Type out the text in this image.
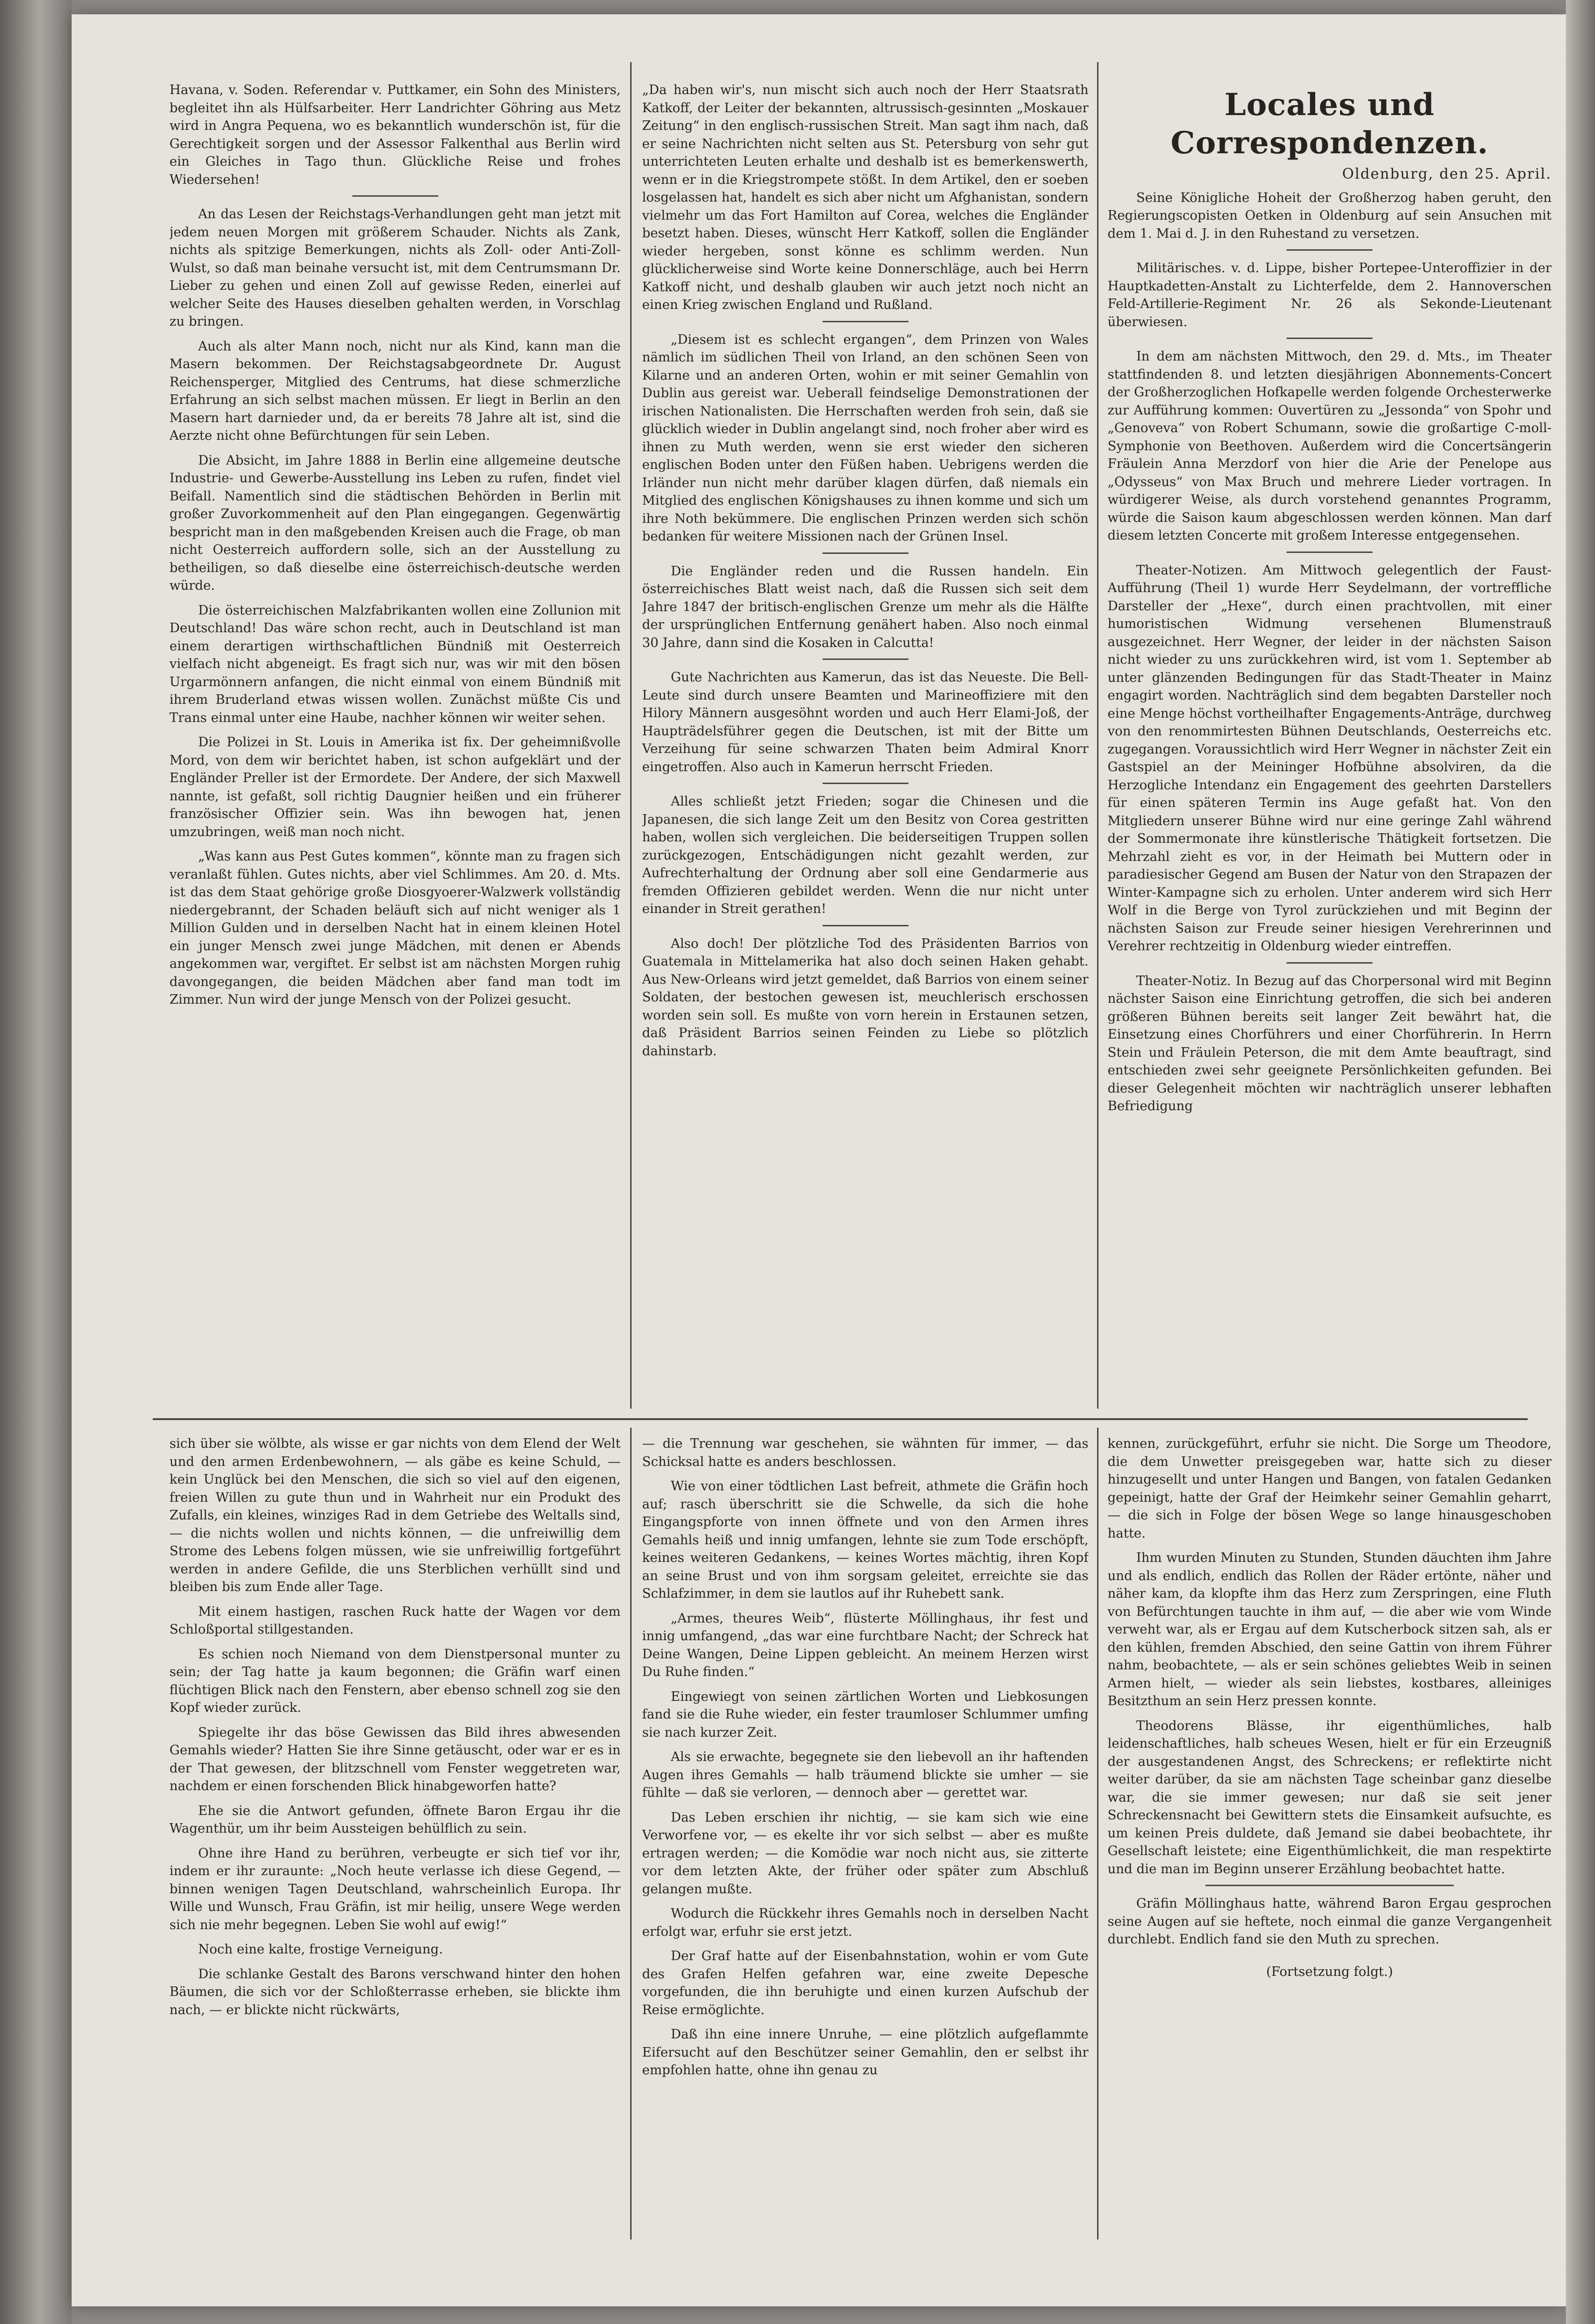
Havana, v. Soden. Referendar v. Puttkamer, ein Sohn des Ministers, begleitet ihn als Hülfsarbeiter. Herr Landrichter Göhring aus Metz wird in Angra Pequena, wo es bekanntlich wunderschön ist, für die Gerechtigkeit sorgen und der Assessor Falkenthal aus Berlin wird ein Gleiches in Tago thun. Glückliche Reise und frohes Wiedersehen!

An das Lesen der Reichstags-Verhandlungen geht man jetzt mit jedem neuen Morgen mit größerem Schauder. Nichts als Zank, nichts als spitzige Bemerkungen, nichts als Zoll- oder Anti-Zoll-Wulst, so daß man beinahe versucht ist, mit dem Centrumsmann Dr. Lieber zu gehen und einen Zoll auf gewisse Reden, einerlei auf welcher Seite des Hauses dieselben gehalten werden, in Vorschlag zu bringen.

Auch als alter Mann noch, nicht nur als Kind, kann man die Masern bekommen. Der Reichstagsabgeordnete Dr. August Reichensperger, Mitglied des Centrums, hat diese schmerzliche Erfahrung an sich selbst machen müssen. Er liegt in Berlin an den Masern hart darnieder und, da er bereits 78 Jahre alt ist, sind die Aerzte nicht ohne Befürchtungen für sein Leben.

Die Absicht, im Jahre 1888 in Berlin eine allgemeine deutsche Industrie- und Gewerbe-Ausstellung ins Leben zu rufen, findet viel Beifall. Namentlich sind die städtischen Behörden in Berlin mit großer Zuvorkommenheit auf den Plan eingegangen. Gegenwärtig bespricht man in den maßgebenden Kreisen auch die Frage, ob man nicht Oesterreich auffordern solle, sich an der Ausstellung zu betheiligen, so daß dieselbe eine österreichisch-deutsche werden würde.

Die österreichischen Malzfabrikanten wollen eine Zollunion mit Deutschland! Das wäre schon recht, auch in Deutschland ist man einem derartigen wirthschaftlichen Bündniß mit Oesterreich vielfach nicht abgeneigt. Es fragt sich nur, was wir mit den bösen Urgarmönnern anfangen, die nicht einmal von einem Bündniß mit ihrem Bruderland etwas wissen wollen. Zunächst müßte Cis und Trans einmal unter eine Haube, nachher können wir weiter sehen.

Die Polizei in St. Louis in Amerika ist fix. Der geheimnißvolle Mord, von dem wir berichtet haben, ist schon aufgeklärt und der Engländer Preller ist der Ermordete. Der Andere, der sich Maxwell nannte, ist gefaßt, soll richtig Daugnier heißen und ein früherer französischer Offizier sein. Was ihn bewogen hat, jenen umzubringen, weiß man noch nicht.

„Was kann aus Pest Gutes kommen“, könnte man zu fragen sich veranlaßt fühlen. Gutes nichts, aber viel Schlimmes. Am 20. d. Mts. ist das dem Staat gehörige große Diosgyoerer-Walzwerk vollständig niedergebrannt, der Schaden beläuft sich auf nicht weniger als 1 Million Gulden und in derselben Nacht hat in einem kleinen Hotel ein junger Mensch zwei junge Mädchen, mit denen er Abends angekommen war, vergiftet. Er selbst ist am nächsten Morgen ruhig davongegangen, die beiden Mädchen aber fand man todt im Zimmer. Nun wird der junge Mensch von der Polizei gesucht.

„Da haben wir's, nun mischt sich auch noch der Herr Staatsrath Katkoff, der Leiter der bekannten, altrussisch-gesinnten „Moskauer Zeitung“ in den englisch-russischen Streit. Man sagt ihm nach, daß er seine Nachrichten nicht selten aus St. Petersburg von sehr gut unterrichteten Leuten erhalte und deshalb ist es bemerkenswerth, wenn er in die Kriegstrompete stößt. In dem Artikel, den er soeben losgelassen hat, handelt es sich aber nicht um Afghanistan, sondern vielmehr um das Fort Hamilton auf Corea, welches die Engländer besetzt haben. Dieses, wünscht Herr Katkoff, sollen die Engländer wieder hergeben, sonst könne es schlimm werden. Nun glücklicherweise sind Worte keine Donnerschläge, auch bei Herrn Katkoff nicht, und deshalb glauben wir auch jetzt noch nicht an einen Krieg zwischen England und Rußland.

„Diesem ist es schlecht ergangen“, dem Prinzen von Wales nämlich im südlichen Theil von Irland, an den schönen Seen von Kilarne und an anderen Orten, wohin er mit seiner Gemahlin von Dublin aus gereist war. Ueberall feindselige Demonstrationen der irischen Nationalisten. Die Herrschaften werden froh sein, daß sie glücklich wieder in Dublin angelangt sind, noch froher aber wird es ihnen zu Muth werden, wenn sie erst wieder den sicheren englischen Boden unter den Füßen haben. Uebrigens werden die Irländer nun nicht mehr darüber klagen dürfen, daß niemals ein Mitglied des englischen Königshauses zu ihnen komme und sich um ihre Noth bekümmere. Die englischen Prinzen werden sich schön bedanken für weitere Missionen nach der Grünen Insel.

Die Engländer reden und die Russen handeln. Ein österreichisches Blatt weist nach, daß die Russen sich seit dem Jahre 1847 der britisch-englischen Grenze um mehr als die Hälfte der ursprünglichen Entfernung genähert haben. Also noch einmal 30 Jahre, dann sind die Kosaken in Calcutta!

Gute Nachrichten aus Kamerun, das ist das Neueste. Die Bell-Leute sind durch unsere Beamten und Marineoffiziere mit den Hilory Männern ausgesöhnt worden und auch Herr Elami-Joß, der Haupträdelsführer gegen die Deutschen, ist mit der Bitte um Verzeihung für seine schwarzen Thaten beim Admiral Knorr eingetroffen. Also auch in Kamerun herrscht Frieden.

Alles schließt jetzt Frieden; sogar die Chinesen und die Japanesen, die sich lange Zeit um den Besitz von Corea gestritten haben, wollen sich vergleichen. Die beiderseitigen Truppen sollen zurückgezogen, Entschädigungen nicht gezahlt werden, zur Aufrechterhaltung der Ordnung aber soll eine Gendarmerie aus fremden Offizieren gebildet werden. Wenn die nur nicht unter einander in Streit gerathen!

Also doch! Der plötzliche Tod des Präsidenten Barrios von Guatemala in Mittelamerika hat also doch seinen Haken gehabt. Aus New-Orleans wird jetzt gemeldet, daß Barrios von einem seiner Soldaten, der bestochen gewesen ist, meuchlerisch erschossen worden sein soll. Es mußte von vorn herein in Erstaunen setzen, daß Präsident Barrios seinen Feinden zu Liebe so plötzlich dahinstarb.

Locales und Correspondenzen.
Oldenburg, den 25. April.

Seine Königliche Hoheit der Großherzog haben geruht, den Regierungscopisten Oetken in Oldenburg auf sein Ansuchen mit dem 1. Mai d. J. in den Ruhestand zu versetzen.

Militärisches. v. d. Lippe, bisher Portepee-Unteroffizier in der Hauptkadetten-Anstalt zu Lichterfelde, dem 2. Hannoverschen Feld-Artillerie-Regiment Nr. 26 als Sekonde-Lieutenant überwiesen.

In dem am nächsten Mittwoch, den 29. d. Mts., im Theater stattfindenden 8. und letzten diesjährigen Abonnements-Concert der Großherzoglichen Hofkapelle werden folgende Orchesterwerke zur Aufführung kommen: Ouvertüren zu „Jessonda“ von Spohr und „Genoveva“ von Robert Schumann, sowie die großartige C-moll-Symphonie von Beethoven. Außerdem wird die Concertsängerin Fräulein Anna Merzdorf von hier die Arie der Penelope aus „Odysseus“ von Max Bruch und mehrere Lieder vortragen. In würdigerer Weise, als durch vorstehend genanntes Programm, würde die Saison kaum abgeschlossen werden können. Man darf diesem letzten Concerte mit großem Interesse entgegensehen.

Theater-Notizen. Am Mittwoch gelegentlich der Faust-Aufführung (Theil 1) wurde Herr Seydelmann, der vortreffliche Darsteller der „Hexe“, durch einen prachtvollen, mit einer humoristischen Widmung versehenen Blumenstrauß ausgezeichnet. Herr Wegner, der leider in der nächsten Saison nicht wieder zu uns zurückkehren wird, ist vom 1. September ab unter glänzenden Bedingungen für das Stadt-Theater in Mainz engagirt worden. Nachträglich sind dem begabten Darsteller noch eine Menge höchst vortheilhafter Engagements-Anträge, durchweg von den renommirtesten Bühnen Deutschlands, Oesterreichs etc. zugegangen. Voraussichtlich wird Herr Wegner in nächster Zeit ein Gastspiel an der Meininger Hofbühne absolviren, da die Herzogliche Intendanz ein Engagement des geehrten Darstellers für einen späteren Termin ins Auge gefaßt hat. Von den Mitgliedern unserer Bühne wird nur eine geringe Zahl während der Sommermonate ihre künstlerische Thätigkeit fortsetzen. Die Mehrzahl zieht es vor, in der Heimath bei Muttern oder in paradiesischer Gegend am Busen der Natur von den Strapazen der Winter-Kampagne sich zu erholen. Unter anderem wird sich Herr Wolf in die Berge von Tyrol zurückziehen und mit Beginn der nächsten Saison zur Freude seiner hiesigen Verehrerinnen und Verehrer rechtzeitig in Oldenburg wieder eintreffen.

Theater-Notiz. In Bezug auf das Chorpersonal wird mit Beginn nächster Saison eine Einrichtung getroffen, die sich bei anderen größeren Bühnen bereits seit langer Zeit bewährt hat, die Einsetzung eines Chorführers und einer Chorführerin. In Herrn Stein und Fräulein Peterson, die mit dem Amte beauftragt, sind entschieden zwei sehr geeignete Persönlichkeiten gefunden. Bei dieser Gelegenheit möchten wir nachträglich unserer lebhaften Befriedigung

sich über sie wölbte, als wisse er gar nichts von dem Elend der Welt und den armen Erdenbewohnern, — als gäbe es keine Schuld, — kein Unglück bei den Menschen, die sich so viel auf den eigenen, freien Willen zu gute thun und in Wahrheit nur ein Produkt des Zufalls, ein kleines, winziges Rad in dem Getriebe des Weltalls sind, — die nichts wollen und nichts können, — die unfreiwillig dem Strome des Lebens folgen müssen, wie sie unfreiwillig fortgeführt werden in andere Gefilde, die uns Sterblichen verhüllt sind und bleiben bis zum Ende aller Tage.

Mit einem hastigen, raschen Ruck hatte der Wagen vor dem Schloßportal stillgestanden.

Es schien noch Niemand von dem Dienstpersonal munter zu sein; der Tag hatte ja kaum begonnen; die Gräfin warf einen flüchtigen Blick nach den Fenstern, aber ebenso schnell zog sie den Kopf wieder zurück.

Spiegelte ihr das böse Gewissen das Bild ihres abwesenden Gemahls wieder? Hatten Sie ihre Sinne getäuscht, oder war er es in der That gewesen, der blitzschnell vom Fenster weggetreten war, nachdem er einen forschenden Blick hinabgeworfen hatte?

Ehe sie die Antwort gefunden, öffnete Baron Ergau ihr die Wagenthür, um ihr beim Aussteigen behülflich zu sein.

Ohne ihre Hand zu berühren, verbeugte er sich tief vor ihr, indem er ihr zuraunte: „Noch heute verlasse ich diese Gegend, — binnen wenigen Tagen Deutschland, wahrscheinlich Europa. Ihr Wille und Wunsch, Frau Gräfin, ist mir heilig, unsere Wege werden sich nie mehr begegnen. Leben Sie wohl auf ewig!“

Noch eine kalte, frostige Verneigung.

Die schlanke Gestalt des Barons verschwand hinter den hohen Bäumen, die sich vor der Schloßterrasse erheben, sie blickte ihm nach, — er blickte nicht rückwärts,

— die Trennung war geschehen, sie wähnten für immer, — das Schicksal hatte es anders beschlossen.

Wie von einer tödtlichen Last befreit, athmete die Gräfin hoch auf; rasch überschritt sie die Schwelle, da sich die hohe Eingangspforte von innen öffnete und von den Armen ihres Gemahls heiß und innig umfangen, lehnte sie zum Tode erschöpft, keines weiteren Gedankens, — keines Wortes mächtig, ihren Kopf an seine Brust und von ihm sorgsam geleitet, erreichte sie das Schlafzimmer, in dem sie lautlos auf ihr Ruhebett sank.

„Armes, theures Weib“, flüsterte Möllinghaus, ihr fest und innig umfangend, „das war eine furchtbare Nacht; der Schreck hat Deine Wangen, Deine Lippen gebleicht. An meinem Herzen wirst Du Ruhe finden.“

Eingewiegt von seinen zärtlichen Worten und Liebkosungen fand sie die Ruhe wieder, ein fester traumloser Schlummer umfing sie nach kurzer Zeit.

Als sie erwachte, begegnete sie den liebevoll an ihr haftenden Augen ihres Gemahls — halb träumend blickte sie umher — sie fühlte — daß sie verloren, — dennoch aber — gerettet war.

Das Leben erschien ihr nichtig, — sie kam sich wie eine Verworfene vor, — es ekelte ihr vor sich selbst — aber es mußte ertragen werden; — die Komödie war noch nicht aus, sie zitterte vor dem letzten Akte, der früher oder später zum Abschluß gelangen mußte.

Wodurch die Rückkehr ihres Gemahls noch in derselben Nacht erfolgt war, erfuhr sie erst jetzt.

Der Graf hatte auf der Eisenbahnstation, wohin er vom Gute des Grafen Helfen gefahren war, eine zweite Depesche vorgefunden, die ihn beruhigte und einen kurzen Aufschub der Reise ermöglichte.

Daß ihn eine innere Unruhe, — eine plötzlich aufgeflammte Eifersucht auf den Beschützer seiner Gemahlin, den er selbst ihr empfohlen hatte, ohne ihn genau zu

kennen, zurückgeführt, erfuhr sie nicht. Die Sorge um Theodore, die dem Unwetter preisgegeben war, hatte sich zu dieser hinzugesellt und unter Hangen und Bangen, von fatalen Gedanken gepeinigt, hatte der Graf der Heimkehr seiner Gemahlin geharrt, — die sich in Folge der bösen Wege so lange hinausgeschoben hatte.

Ihm wurden Minuten zu Stunden, Stunden däuchten ihm Jahre und als endlich, endlich das Rollen der Räder ertönte, näher und näher kam, da klopfte ihm das Herz zum Zerspringen, eine Fluth von Befürchtungen tauchte in ihm auf, — die aber wie vom Winde verweht war, als er Ergau auf dem Kutscherbock sitzen sah, als er den kühlen, fremden Abschied, den seine Gattin von ihrem Führer nahm, beobachtete, — als er sein schönes geliebtes Weib in seinen Armen hielt, — wieder als sein liebstes, kostbares, alleiniges Besitzthum an sein Herz pressen konnte.

Theodorens Blässe, ihr eigenthümliches, halb leidenschaftliches, halb scheues Wesen, hielt er für ein Erzeugniß der ausgestandenen Angst, des Schreckens; er reflektirte nicht weiter darüber, da sie am nächsten Tage scheinbar ganz dieselbe war, die sie immer gewesen; nur daß sie seit jener Schreckensnacht bei Gewittern stets die Einsamkeit aufsuchte, es um keinen Preis duldete, daß Jemand sie dabei beobachtete, ihr Gesellschaft leistete; eine Eigenthümlichkeit, die man respektirte und die man im Beginn unserer Erzählung beobachtet hatte.

Gräfin Möllinghaus hatte, während Baron Ergau gesprochen seine Augen auf sie heftete, noch einmal die ganze Vergangenheit durchlebt. Endlich fand sie den Muth zu sprechen.

(Fortsetzung folgt.)
